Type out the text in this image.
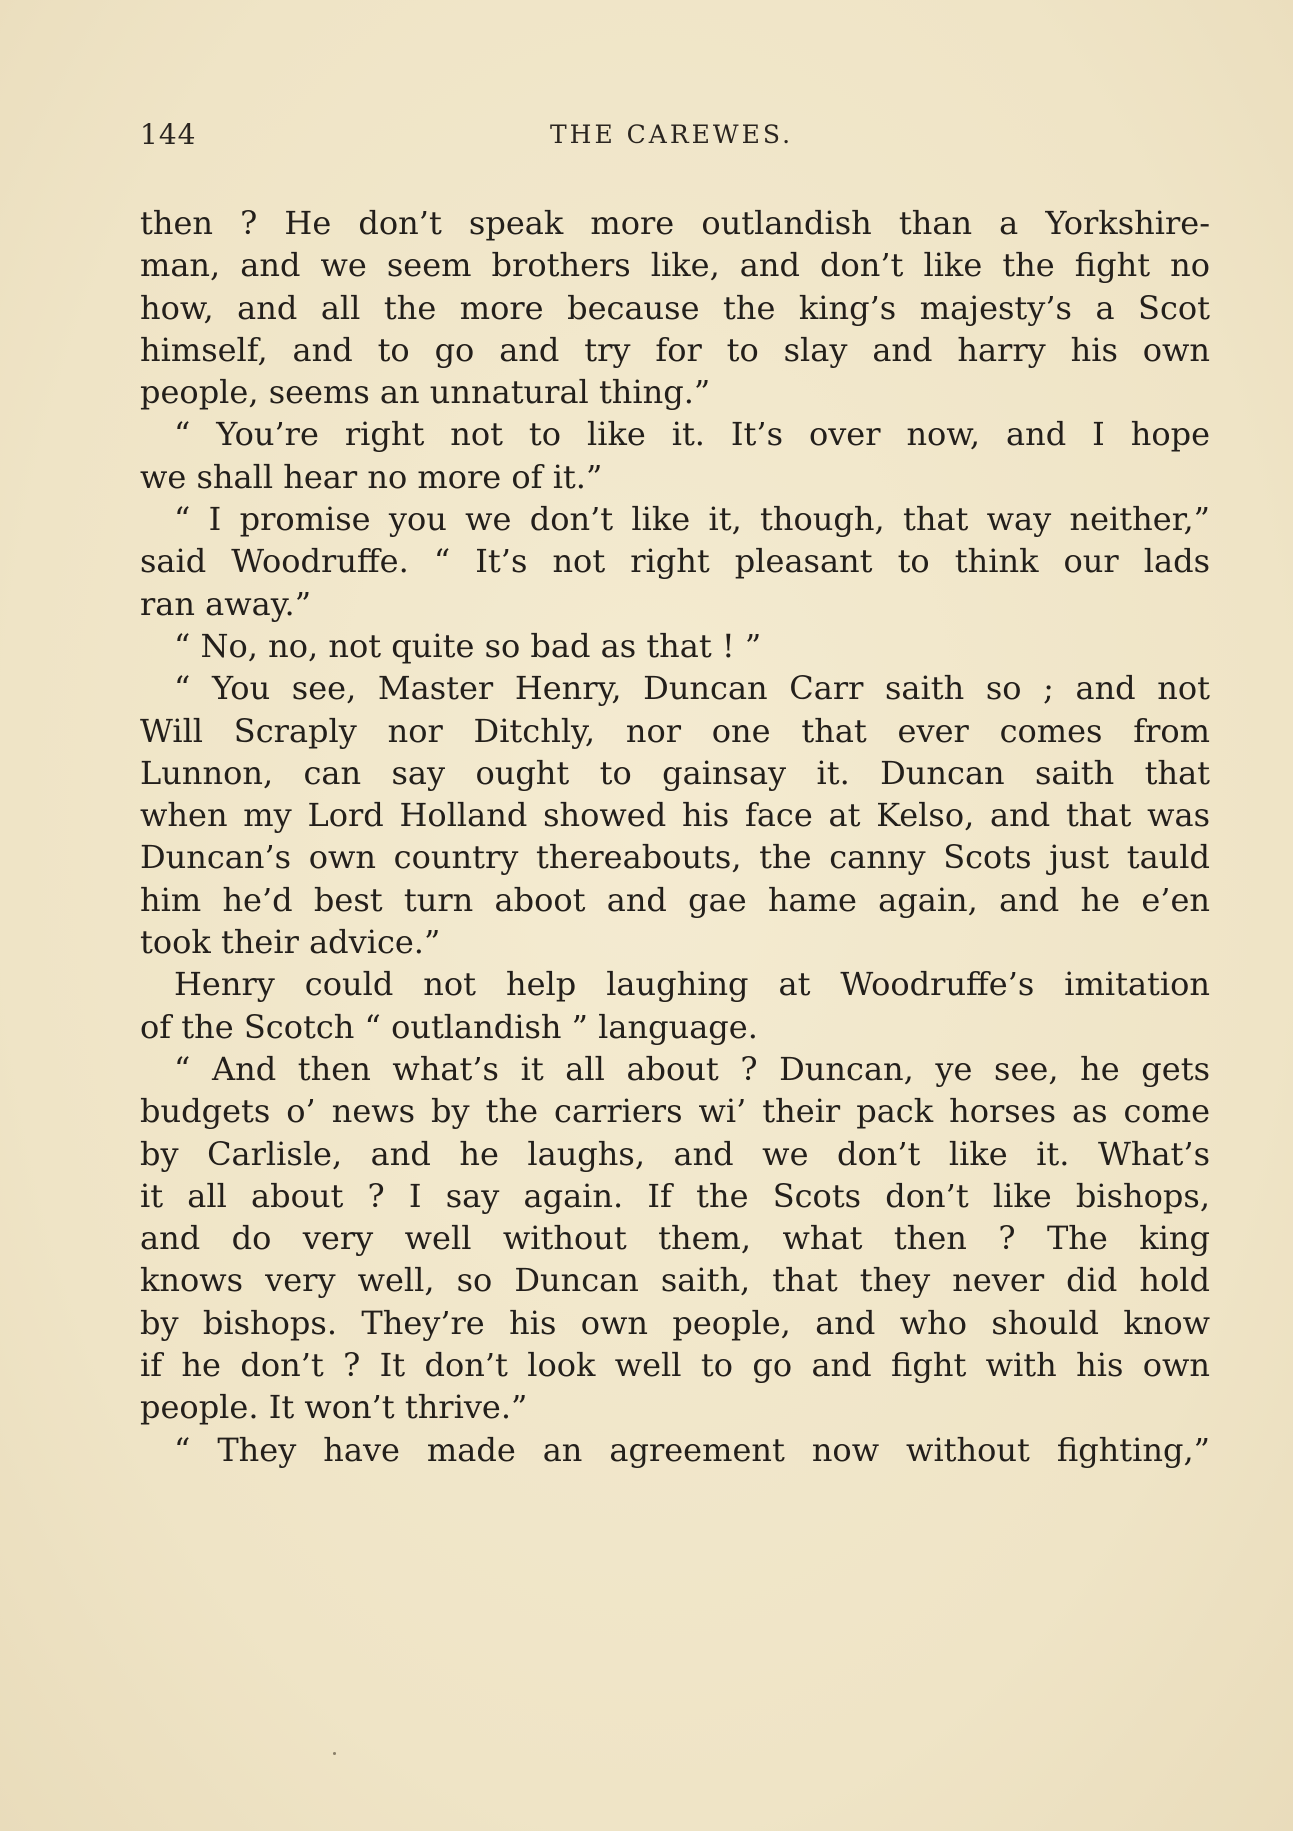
144	THE CAREWES.
then ? He don’t speak more outlandish than a Yorkshire-
man, and we seem brothers like, and don’t like the fight no
how, and all the more because the king’s majesty’s a Scot
himself, and to go and try for to slay and harry his own
people, seems an unnatural thing.”
“ You’re right not to like it. It’s over now, and I hope
we shall hear no more of it.”
“ I promise you we don’t like it, though, that way neither,”
said Woodruffe. “ It’s not right pleasant to think our lads
ran away.”
“ No, no, not quite so bad as that ! ”
“ You see, Master Henry, Duncan Carr saith so ; and not
Will Scraply nor Ditchly, nor one that ever comes from
Lunnon, can say ought to gainsay it. Duncan saith that
when my Lord Holland showed his face at Kelso, and that was
Duncan’s own country thereabouts, the canny Scots just tauld
him he’d best turn aboot and gae hame again, and he e’en
took their advice.”
Henry could not help laughing at Woodruffe’s imitation
of the Scotch “ outlandish ” language.
“ And then what’s it all about ? Duncan, ye see, he gets
budgets o’ news by the carriers wi’ their pack horses as come
by Carlisle, and he laughs, and we don’t like it. What’s
it all about ? I say again. If the Scots don’t like bishops,
and do very well without them, what then ? The king
knows very well, so Duncan saith, that they never did hold
by bishops. They’re his own people, and who should know
if he don’t ? It don’t look well to go and fight with his own
people. It won’t thrive.”
“ They have made an agreement now without fighting,”
